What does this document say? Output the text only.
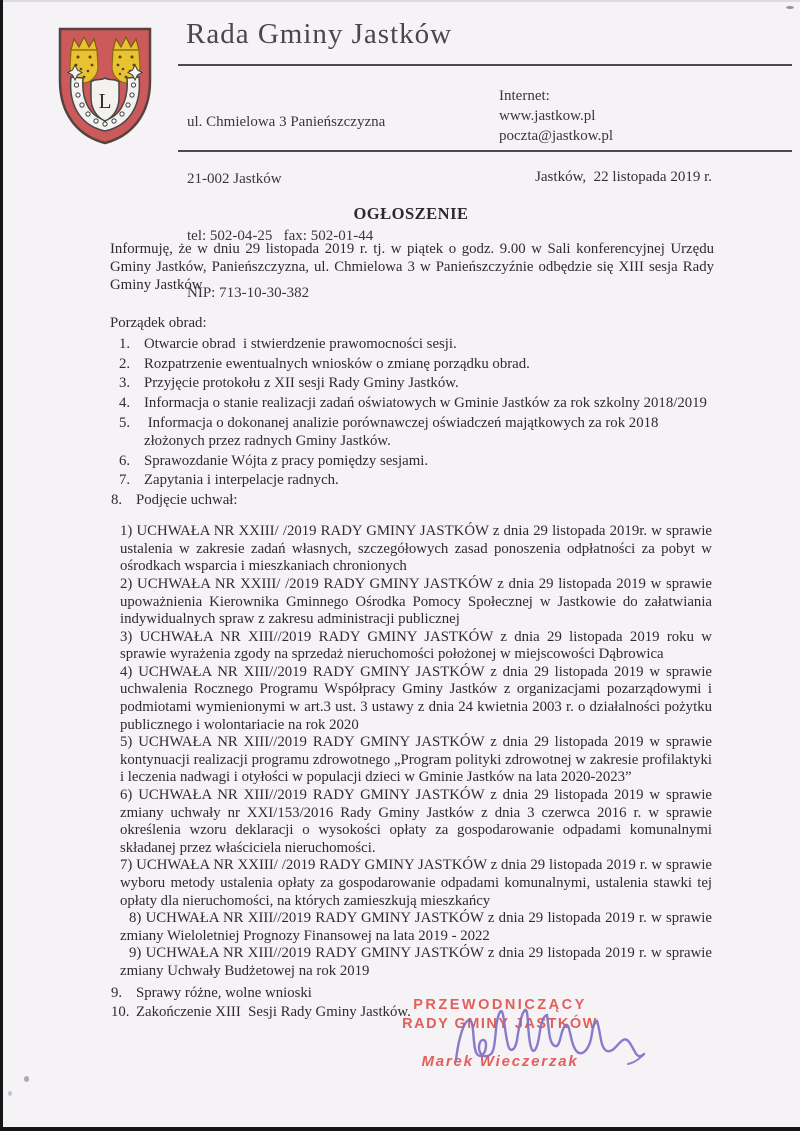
L
Rada Gminy Jastków

ul. Chmielowa 3 Panieńszczyzna

21-002 Jastków

tel: 502-04-25   fax: 502-01-44

NIP: 713-10-30-382

Internet:
www.jastkow.pl
poczta@jastkow.pl
Jastków,  22 listopada 2019 r.
OGŁOSZENIE

Informuję, że w dniu 29 listopada 2019 r. tj. w piątek o godz. 9.00 w Sali konferencyjnej Urzędu Gminy Jastków, Panieńszczyzna, ul. Chmielowa 3 w Panieńszczyźnie odbędzie się XIII sesja Rady Gminy Jastków

Porządek obrad:
1. Otwarcie obrad  i stwierdzenie prawomocności sesji.
2. Rozpatrzenie ewentualnych wniosków o zmianę porządku obrad.
3. Przyjęcie protokołu z XII sesji Rady Gminy Jastków.
4. Informacja o stanie realizacji zadań oświatowych w Gminie Jastków za rok szkolny 2018/2019
5. Informacja o dokonanej analizie porównawczej oświadczeń majątkowych za rok 2018 złożonych przez radnych Gminy Jastków.
6. Sprawozdanie Wójta z pracy pomiędzy sesjami.
7. Zapytania i interpelacje radnych.
8. Podjęcie uchwał:

1) UCHWAŁA NR XXIII/ /2019 RADY GMINY JASTKÓW z dnia 29 listopada 2019r. w sprawie ustalenia w zakresie zadań własnych, szczegółowych zasad ponoszenia odpłatności za pobyt w ośrodkach wsparcia i mieszkaniach chronionych

2) UCHWAŁA NR XXIII/ /2019 RADY GMINY JASTKÓW z dnia 29 listopada 2019 w sprawie upoważnienia Kierownika Gminnego Ośrodka Pomocy Społecznej w Jastkowie do załatwiania indywidualnych spraw z zakresu administracji publicznej

3) UCHWAŁA NR XIII//2019 RADY GMINY JASTKÓW z dnia 29 listopada 2019 roku w sprawie wyrażenia zgody na sprzedaż nieruchomości położonej w miejscowości Dąbrowica

4) UCHWAŁA NR XIII//2019 RADY GMINY JASTKÓW z dnia 29 listopada 2019 w sprawie uchwalenia Rocznego Programu Współpracy Gminy Jastków z organizacjami pozarządowymi i podmiotami wymienionymi w art.3 ust. 3 ustawy z dnia 24 kwietnia 2003 r. o działalności pożytku publicznego i wolontariacie na rok 2020

5) UCHWAŁA NR XIII//2019 RADY GMINY JASTKÓW z dnia 29 listopada 2019 w sprawie kontynuacji realizacji programu zdrowotnego „Program polityki zdrowotnej w zakresie profilaktyki i leczenia nadwagi i otyłości w populacji dzieci w Gminie Jastków na lata 2020-2023”

6) UCHWAŁA NR XIII//2019 RADY GMINY JASTKÓW z dnia 29 listopada 2019 w sprawie zmiany uchwały nr XXI/153/2016 Rady Gminy Jastków z dnia 3 czerwca 2016 r. w sprawie określenia wzoru deklaracji o wysokości opłaty za gospodarowanie odpadami komunalnymi składanej przez właściciela nieruchomości.

7) UCHWAŁA NR XXIII/ /2019 RADY GMINY JASTKÓW z dnia 29 listopada 2019 r. w sprawie wyboru metody ustalenia opłaty za gospodarowanie odpadami komunalnymi, ustalenia stawki tej opłaty dla nieruchomości, na których zamieszkują mieszkańcy

8) UCHWAŁA NR XIII//2019 RADY GMINY JASTKÓW z dnia 29 listopada 2019 r. w sprawie zmiany Wieloletniej Prognozy Finansowej na lata 2019 - 2022

9) UCHWAŁA NR XIII//2019 RADY GMINY JASTKÓW z dnia 29 listopada 2019 r. w sprawie zmiany Uchwały Budżetowej na rok 2019

9. Sprawy różne, wolne wnioski
10. Zakończenie XIII  Sesji Rady Gminy Jastków. PRZEWODNICZĄCY
RADY GMINY JASTKÓW
Marek Wieczerzak
